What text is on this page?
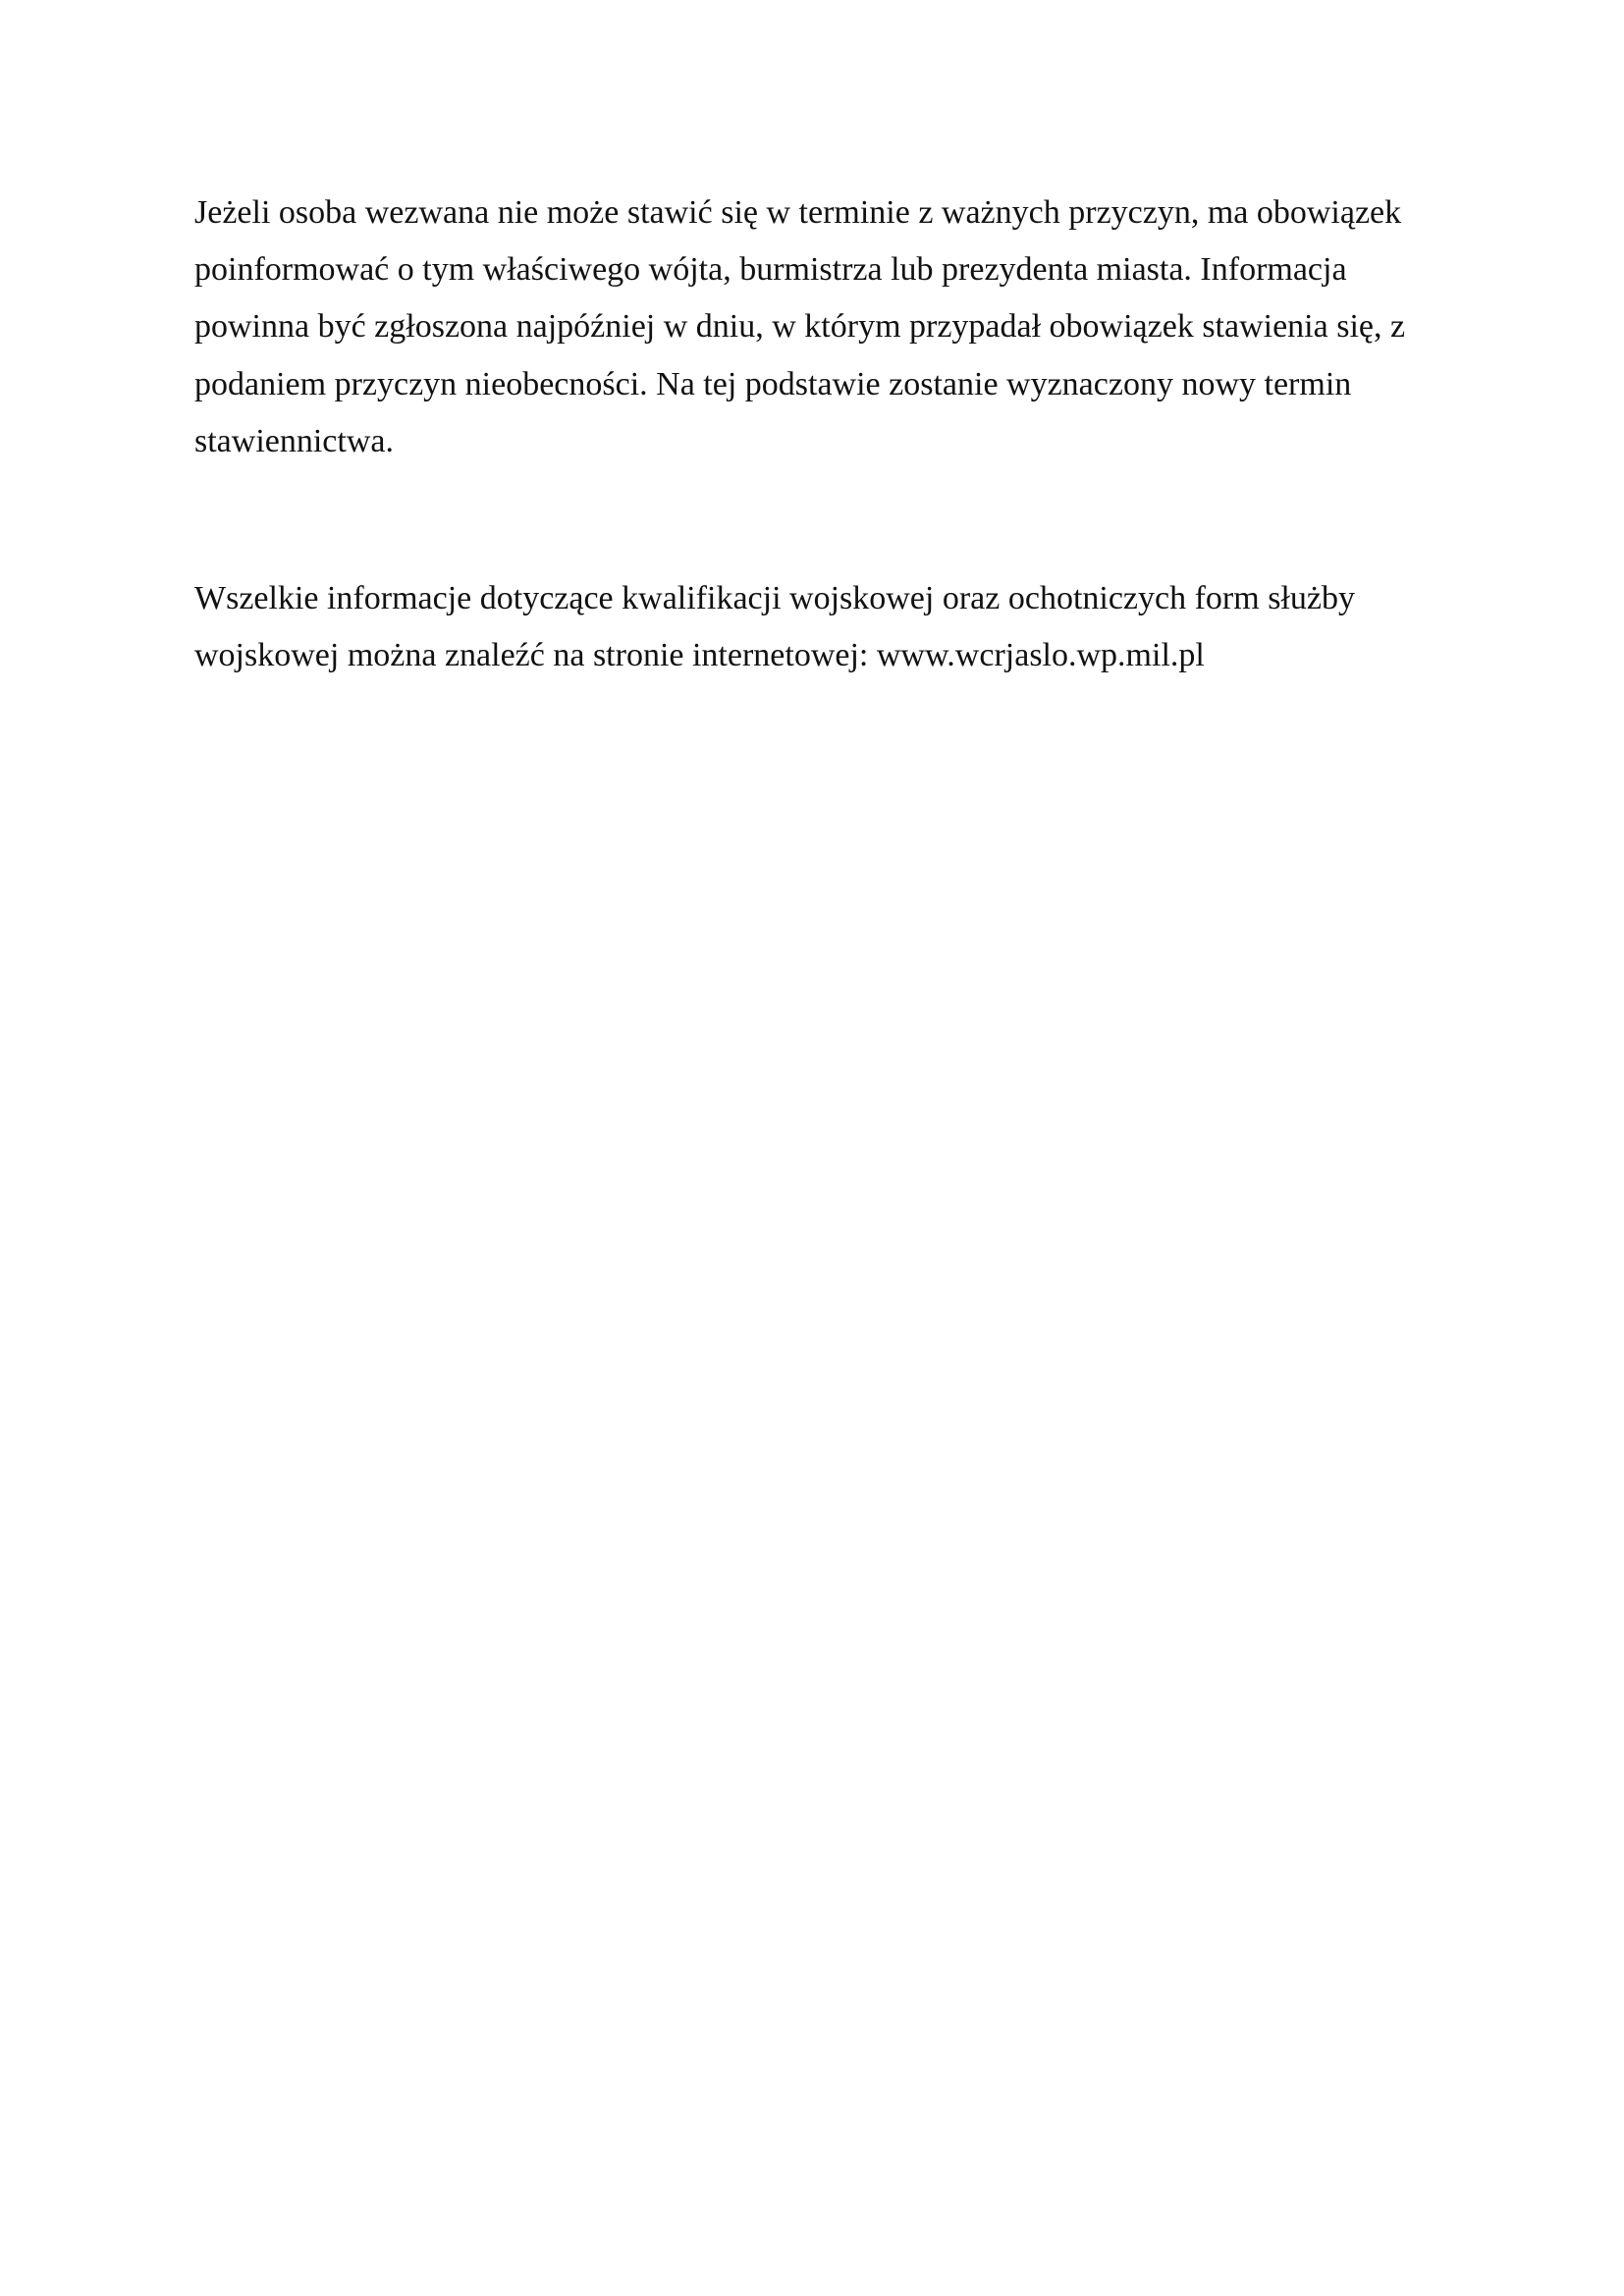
Jeżeli osoba wezwana nie może stawić się w terminie z ważnych przyczyn, ma obowiązek

poinformować o tym właściwego wójta, burmistrza lub prezydenta miasta. Informacja

powinna być zgłoszona najpóźniej w dniu, w którym przypadał obowiązek stawienia się, z

podaniem przyczyn nieobecności. Na tej podstawie zostanie wyznaczony nowy termin

stawiennictwa.

Wszelkie informacje dotyczące kwalifikacji wojskowej oraz ochotniczych form służby

wojskowej można znaleźć na stronie internetowej: www.wcrjaslo.wp.mil.pl
